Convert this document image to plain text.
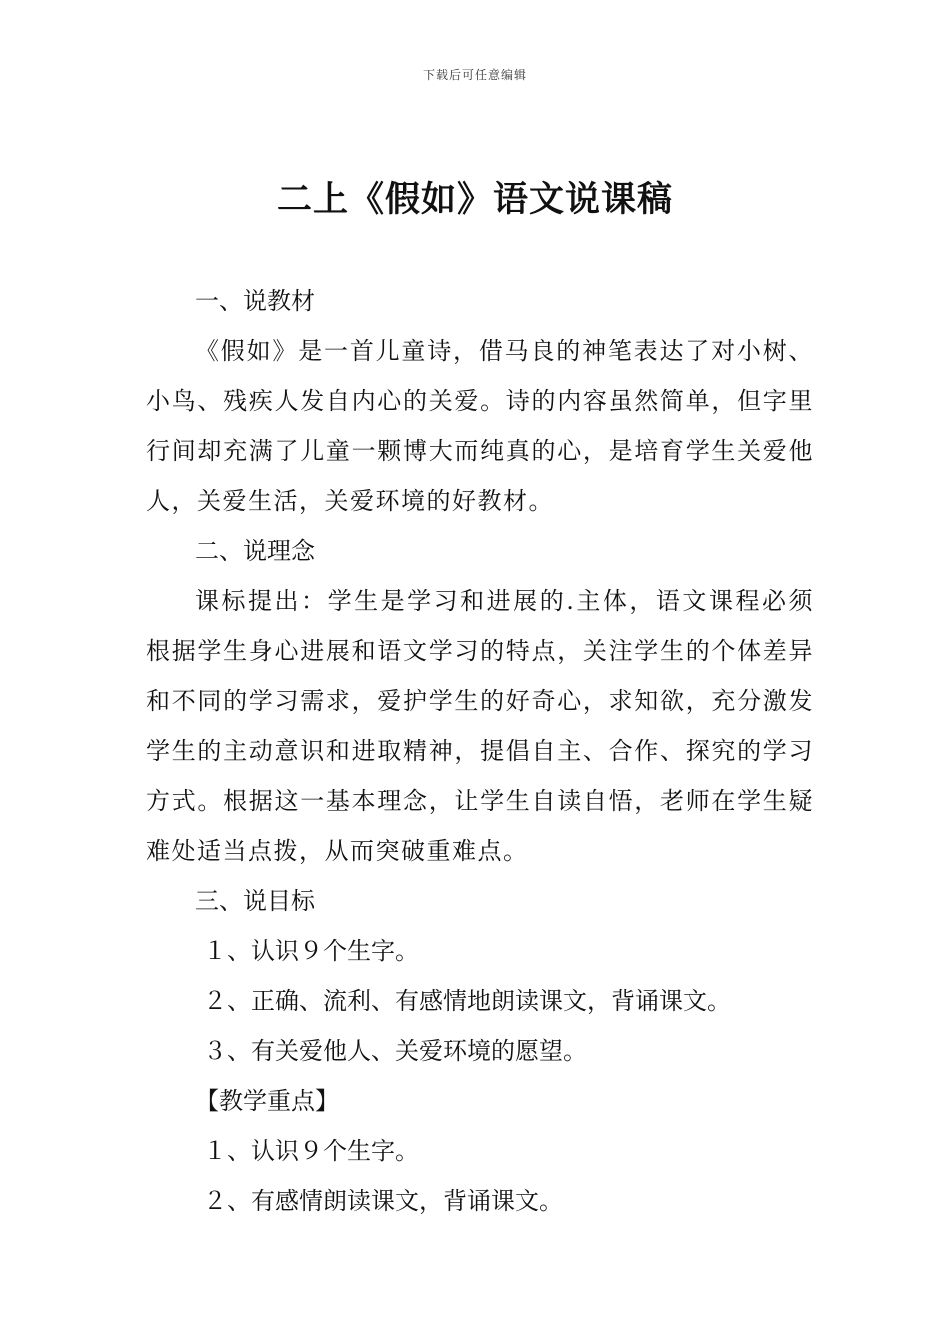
下载后可任意编辑
二上《假如》语文说课稿

一、说教材

《假如》是一首儿童诗，借马良的神笔表达了对小树、小鸟、残疾人发自内心的关爱。诗的内容虽然简单，但字里行间却充满了儿童一颗博大而纯真的心，是培育学生关爱他人，关爱生活，关爱环境的好教材。

二、说理念

课标提出：学生是学习和进展的.主体，语文课程必须根据学生身心进展和语文学习的特点，关注学生的个体差异和不同的学习需求，爱护学生的好奇心，求知欲，充分激发学生的主动意识和进取精神，提倡自主、合作、探究的学习方式。根据这一基本理念，让学生自读自悟，老师在学生疑难处适当点拨，从而突破重难点。

三、说目标

１、认识９个生字。

２、正确、流利、有感情地朗读课文，背诵课文。

３、有关爱他人、关爱环境的愿望。

【教学重点】

１、认识９个生字。

２、有感情朗读课文，背诵课文。
